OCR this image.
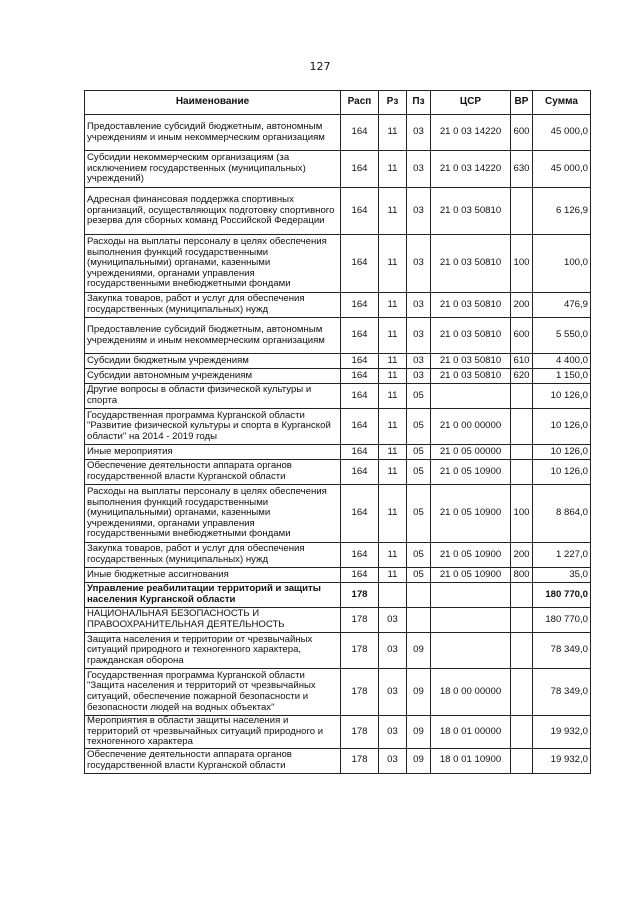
127
Наименование	Расп	Рз	Пз	ЦСР	ВР	Сумма
Предоставление субсидий бюджетным, автономным учреждениям и иным некоммерческим организациям	164	11	03	21 0 03 14220	600	45 000,0
Субсидии некоммерческим организациям (за исключением государственных (муниципальных) учреждений)	164	11	03	21 0 03 14220	630	45 000,0
Адресная финансовая поддержка спортивных организаций, осуществляющих подготовку спортивного резерва для сборных команд Российской Федерации	164	11	03	21 0 03 50810		6 126,9
Расходы на выплаты персоналу в целях обеспечения выполнения функций государственными (муниципальными) органами, казенными учреждениями, органами управления государственными внебюджетными фондами	164	11	03	21 0 03 50810	100	100,0
Закупка товаров, работ и услуг для обеспечения государственных (муниципальных) нужд	164	11	03	21 0 03 50810	200	476,9
Предоставление субсидий бюджетным, автономным учреждениям и иным некоммерческим организациям	164	11	03	21 0 03 50810	600	5 550,0
Субсидии бюджетным учреждениям	164	11	03	21 0 03 50810	610	4 400,0
Субсидии автономным учреждениям	164	11	03	21 0 03 50810	620	1 150,0
Другие вопросы в области физической культуры и спорта	164	11	05			10 126,0
Государственная программа Курганской области "Развитие физической культуры и спорта в Курганской области" на 2014 - 2019 годы	164	11	05	21 0 00 00000		10 126,0
Иные мероприятия	164	11	05	21 0 05 00000		10 126,0
Обеспечение деятельности аппарата органов государственной власти Курганской области	164	11	05	21 0 05 10900		10 126,0
Расходы на выплаты персоналу в целях обеспечения выполнения функций государственными (муниципальными) органами, казенными учреждениями, органами управления государственными внебюджетными фондами	164	11	05	21 0 05 10900	100	8 864,0
Закупка товаров, работ и услуг для обеспечения государственных (муниципальных) нужд	164	11	05	21 0 05 10900	200	1 227,0
Иные бюджетные ассигнования	164	11	05	21 0 05 10900	800	35,0
Управление реабилитации территорий и защиты населения Курганской области	178					180 770,0
НАЦИОНАЛЬНАЯ БЕЗОПАСНОСТЬ И ПРАВООХРАНИТЕЛЬНАЯ ДЕЯТЕЛЬНОСТЬ	178	03				180 770,0
Защита населения и территории от чрезвычайных ситуаций природного и техногенного характера, гражданская оборона	178	03	09			78 349,0
Государственная программа Курганской области "Защита населения и территорий от чрезвычайных ситуаций, обеспечение пожарной безопасности и безопасности людей на водных объектах"	178	03	09	18 0 00 00000		78 349,0
Мероприятия в области защиты населения и территорий от чрезвычайных ситуаций природного и техногенного характера	178	03	09	18 0 01 00000		19 932,0
Обеспечение деятельности аппарата органов государственной власти Курганской области	178	03	09	18 0 01 10900		19 932,0
